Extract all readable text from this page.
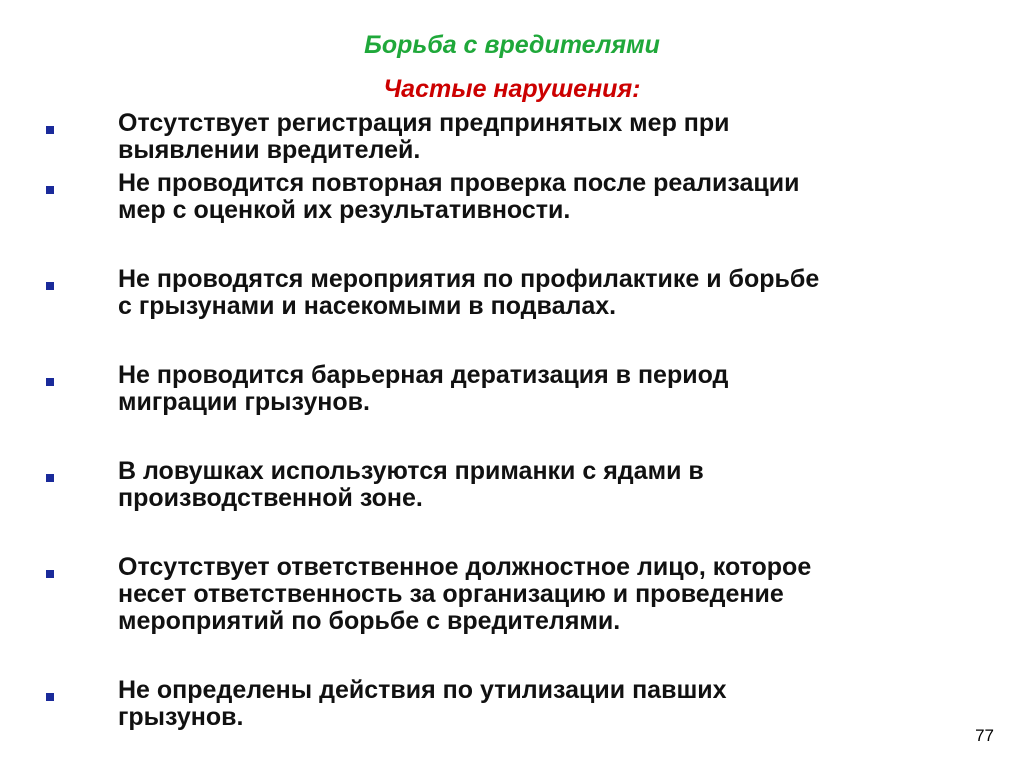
Борьба с вредителями
Частые нарушения:
Отсутствует регистрация предпринятых мер при
выявлении вредителей.
Не проводится повторная проверка после реализации
мер с оценкой их результативности.
Не проводятся мероприятия по профилактике и борьбе
с грызунами и насекомыми в подвалах.
Не проводится барьерная дератизация в период
миграции грызунов.
В ловушках используются приманки с ядами в
производственной зоне.
Отсутствует ответственное должностное лицо, которое
несет ответственность за организацию и проведение
мероприятий по борьбе с вредителями.
Не определены действия по утилизации павших
грызунов.
77
